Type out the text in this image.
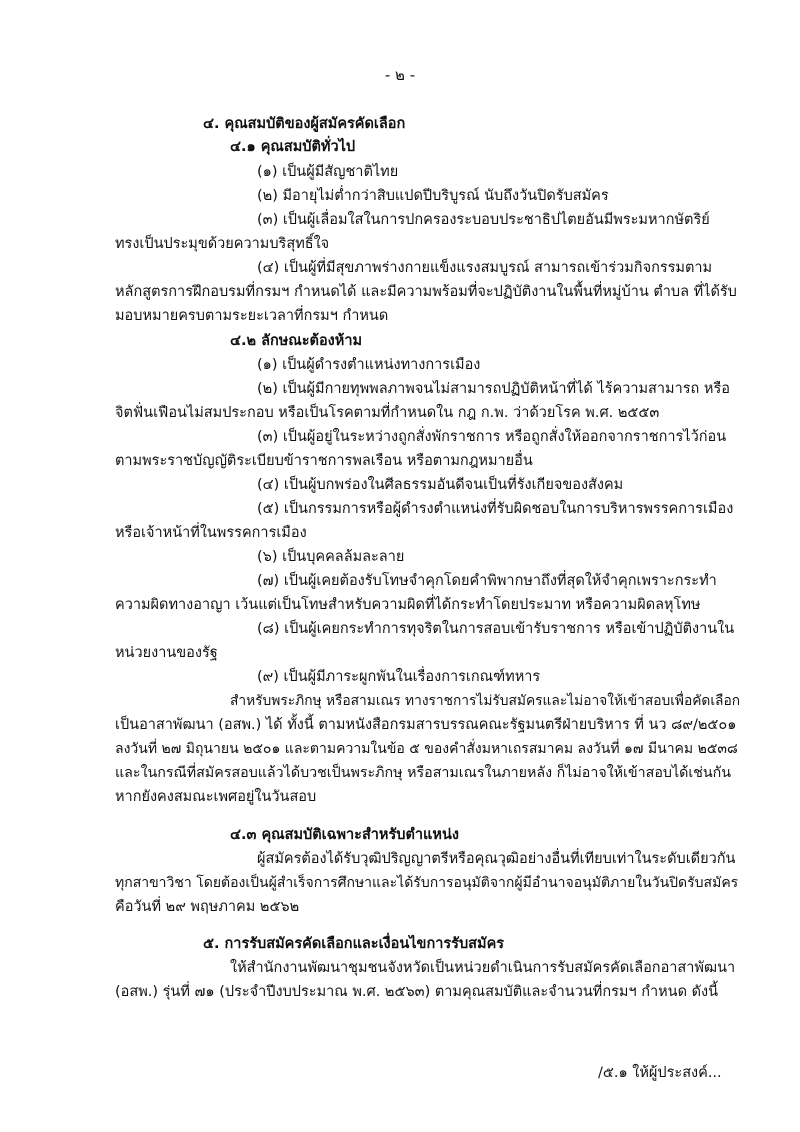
- ๒ -
๔. คุณสมบัติของผู้สมัครคัดเลือก
๔.๑ คุณสมบัติทั่วไป
(๑) เป็นผู้มีสัญชาติไทย
(๒) มีอายุไม่ต่ำกว่าสิบแปดปีบริบูรณ์ นับถึงวันปิดรับสมัคร
(๓) เป็นผู้เลื่อมใสในการปกครองระบอบประชาธิปไตยอันมีพระมหากษัตริย์
ทรงเป็นประมุขด้วยความบริสุทธิ์ใจ
(๔) เป็นผู้ที่มีสุขภาพร่างกายแข็งแรงสมบูรณ์ สามารถเข้าร่วมกิจกรรมตาม
หลักสูตรการฝึกอบรมที่กรมฯ กำหนดได้ และมีความพร้อมที่จะปฏิบัติงานในพื้นที่หมู่บ้าน ตำบล ที่ได้รับ
มอบหมายครบตามระยะเวลาที่กรมฯ กำหนด
๔.๒ ลักษณะต้องห้าม
(๑) เป็นผู้ดำรงตำแหน่งทางการเมือง
(๒) เป็นผู้มีกายทุพพลภาพจนไม่สามารถปฏิบัติหน้าที่ได้ ไร้ความสามารถ หรือ
จิตฟั่นเฟือนไม่สมประกอบ หรือเป็นโรคตามที่กำหนดใน กฎ ก.พ. ว่าด้วยโรค พ.ศ. ๒๕๕๓
(๓) เป็นผู้อยู่ในระหว่างถูกสั่งพักราชการ หรือถูกสั่งให้ออกจากราชการไว้ก่อน
ตามพระราชบัญญัติระเบียบข้าราชการพลเรือน หรือตามกฎหมายอื่น
(๔) เป็นผู้บกพร่องในศีลธรรมอันดีจนเป็นที่รังเกียจของสังคม
(๕) เป็นกรรมการหรือผู้ดำรงตำแหน่งที่รับผิดชอบในการบริหารพรรคการเมือง
หรือเจ้าหน้าที่ในพรรคการเมือง
(๖) เป็นบุคคลล้มละลาย
(๗) เป็นผู้เคยต้องรับโทษจำคุกโดยคำพิพากษาถึงที่สุดให้จำคุกเพราะกระทำ
ความผิดทางอาญา เว้นแต่เป็นโทษสำหรับความผิดที่ได้กระทำโดยประมาท หรือความผิดลหุโทษ
(๘) เป็นผู้เคยกระทำการทุจริตในการสอบเข้ารับราชการ หรือเข้าปฏิบัติงานใน
หน่วยงานของรัฐ
(๙) เป็นผู้มีภาระผูกพันในเรื่องการเกณฑ์ทหาร
สำหรับพระภิกษุ หรือสามเณร ทางราชการไม่รับสมัครและไม่อาจให้เข้าสอบเพื่อคัดเลือก
เป็นอาสาพัฒนา (อสพ.) ได้ ทั้งนี้ ตามหนังสือกรมสารบรรณคณะรัฐมนตรีฝ่ายบริหาร ที่ นว ๘๙/๒๕๐๑
ลงวันที่ ๒๗ มิถุนายน ๒๕๐๑ และตามความในข้อ ๕ ของคำสั่งมหาเถรสมาคม ลงวันที่ ๑๗ มีนาคม ๒๕๓๘
และในกรณีที่สมัครสอบแล้วได้บวชเป็นพระภิกษุ หรือสามเณรในภายหลัง ก็ไม่อาจให้เข้าสอบได้เช่นกัน
หากยังคงสมณะเพศอยู่ในวันสอบ
๔.๓ คุณสมบัติเฉพาะสำหรับตำแหน่ง
ผู้สมัครต้องได้รับวุฒิปริญญาตรีหรือคุณวุฒิอย่างอื่นที่เทียบเท่าในระดับเดียวกัน
ทุกสาขาวิชา โดยต้องเป็นผู้สำเร็จการศึกษาและได้รับการอนุมัติจากผู้มีอำนาจอนุมัติภายในวันปิดรับสมัคร
คือวันที่ ๒๙ พฤษภาคม ๒๕๖๒
๕. การรับสมัครคัดเลือกและเงื่อนไขการรับสมัคร
ให้สำนักงานพัฒนาชุมชนจังหวัดเป็นหน่วยดำเนินการรับสมัครคัดเลือกอาสาพัฒนา
(อสพ.) รุ่นที่ ๗๑ (ประจำปีงบประมาณ พ.ศ. ๒๕๖๓) ตามคุณสมบัติและจำนวนที่กรมฯ กำหนด ดังนี้
/๕.๑ ให้ผู้ประสงค์...
